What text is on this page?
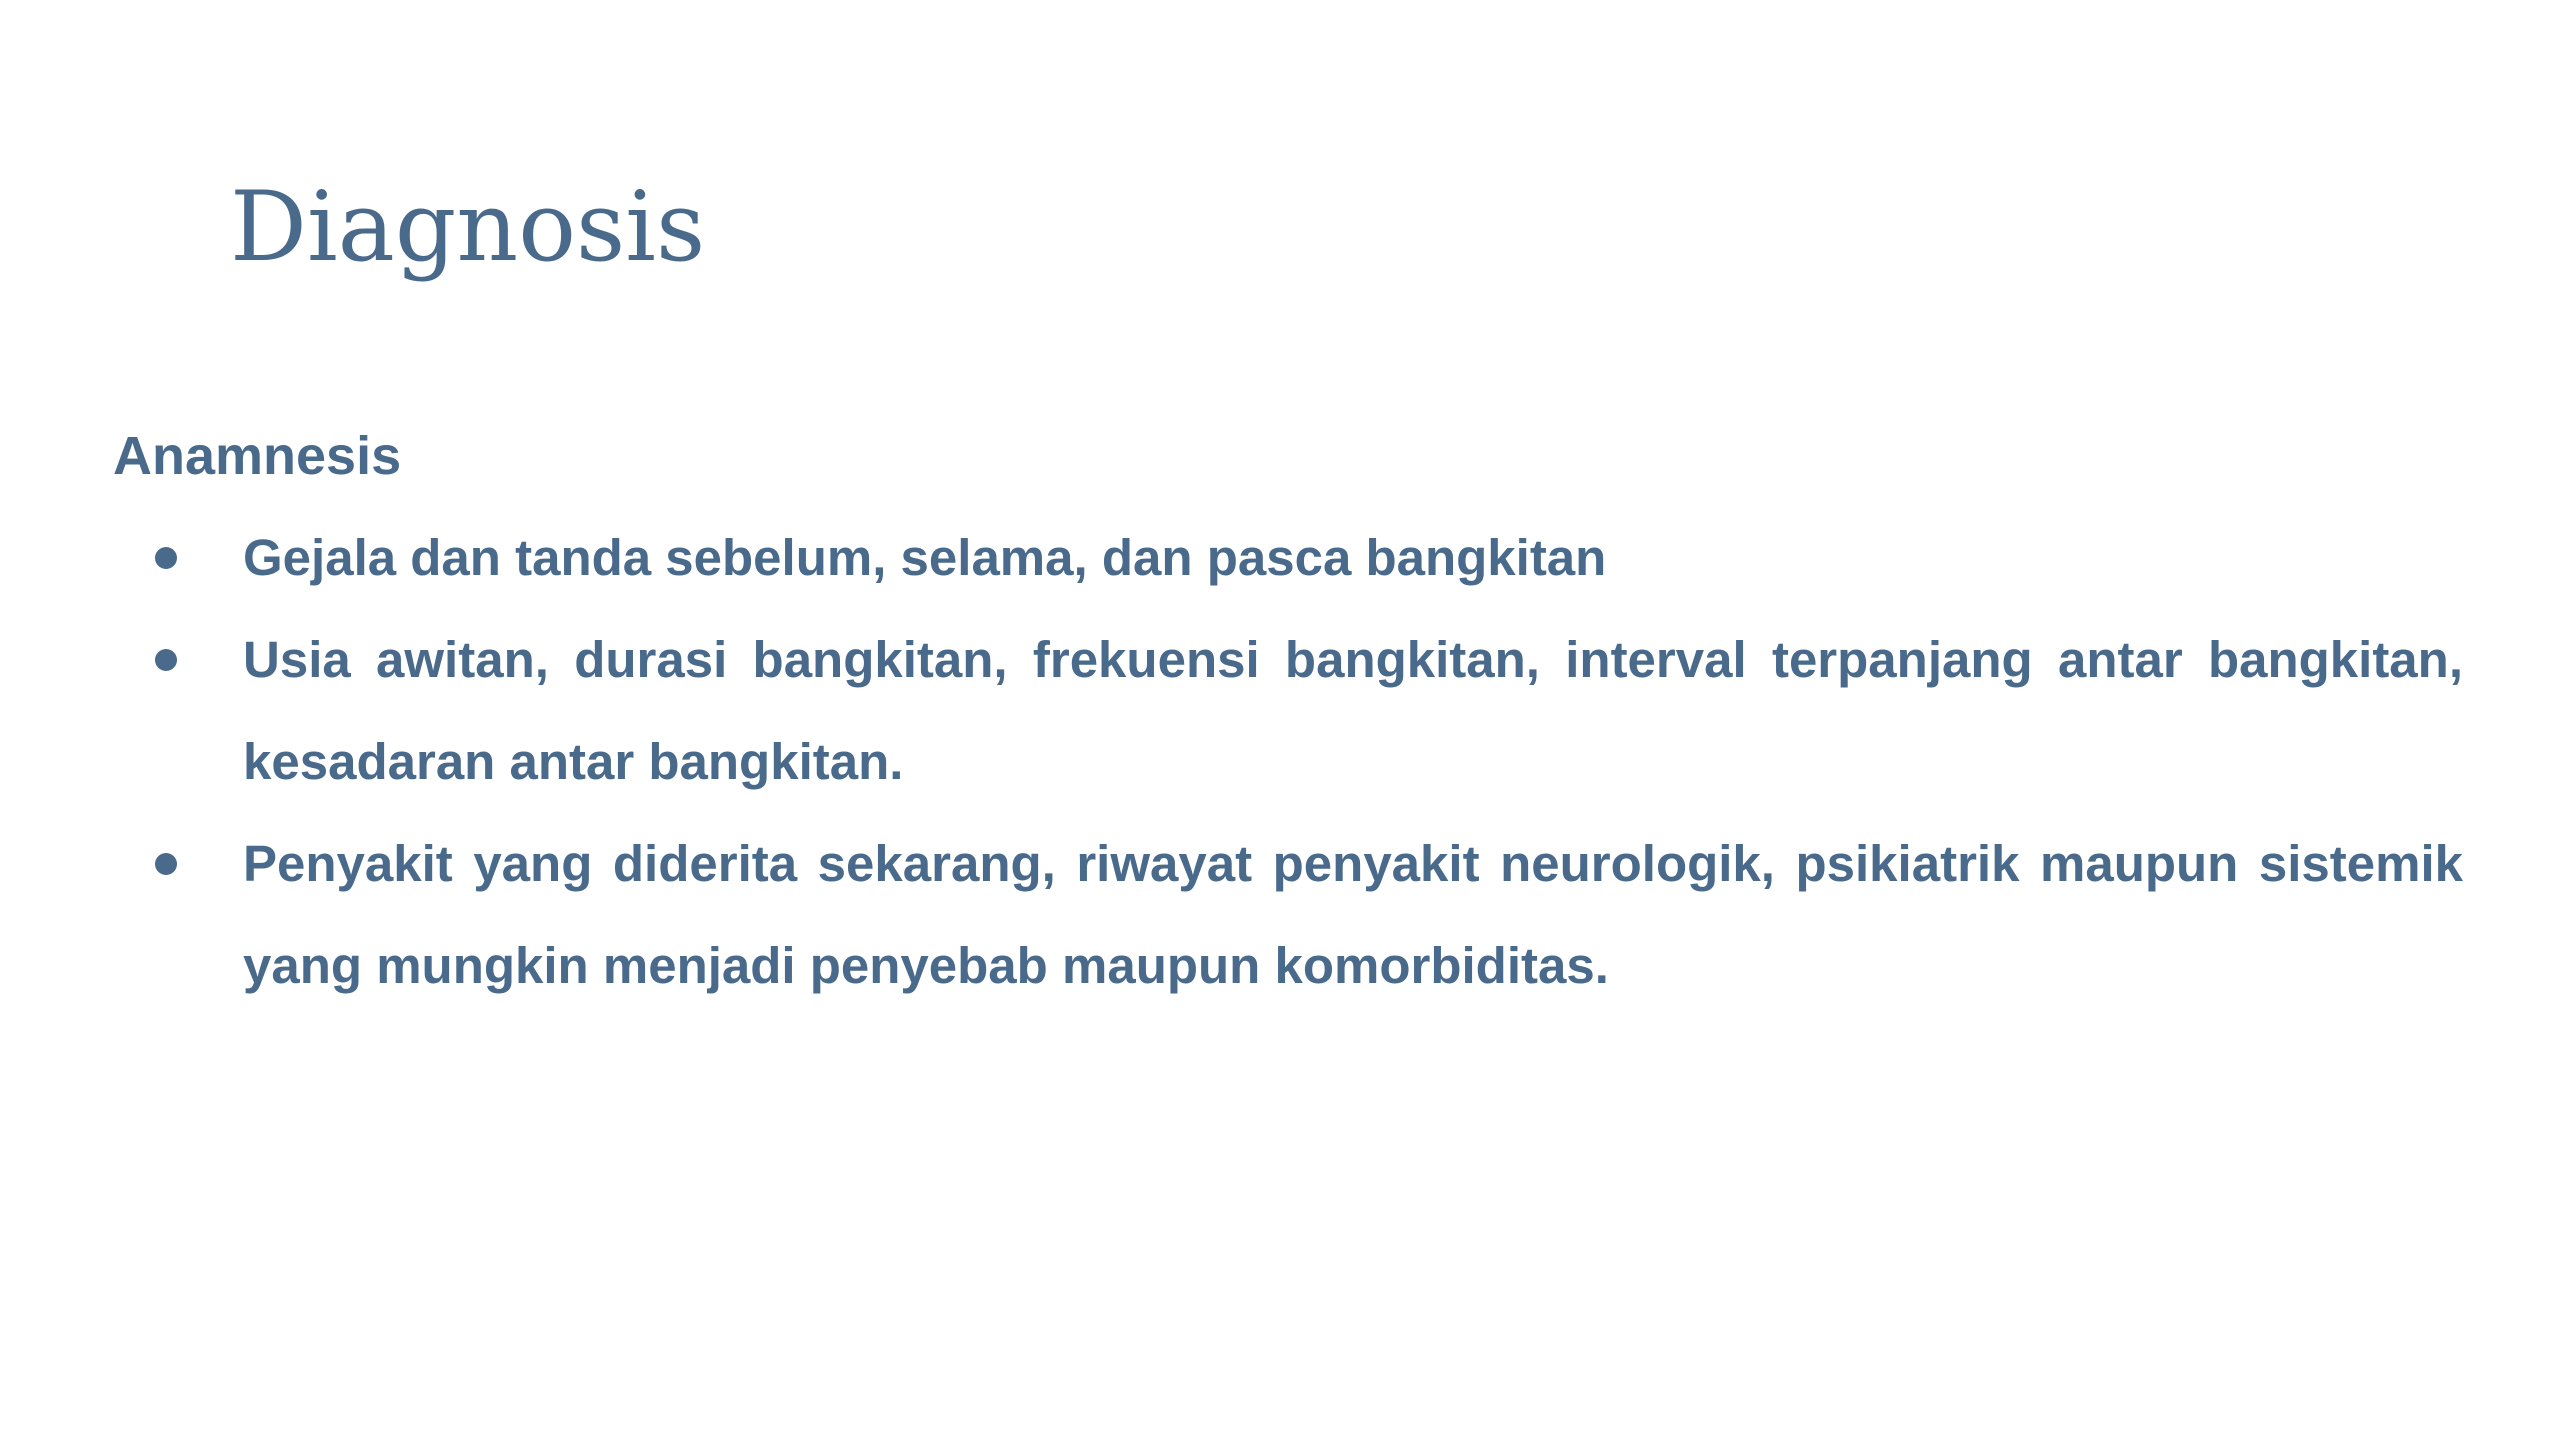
Diagnosis
Anamnesis
Gejala dan tanda sebelum, selama, dan pasca bangkitan
Usia awitan, durasi bangkitan, frekuensi bangkitan, interval terpanjang antar bangkitan, kesadaran antar bangkitan.
Penyakit yang diderita sekarang, riwayat penyakit neurologik, psikiatrik maupun sistemik yang mungkin menjadi penyebab maupun komorbiditas.
